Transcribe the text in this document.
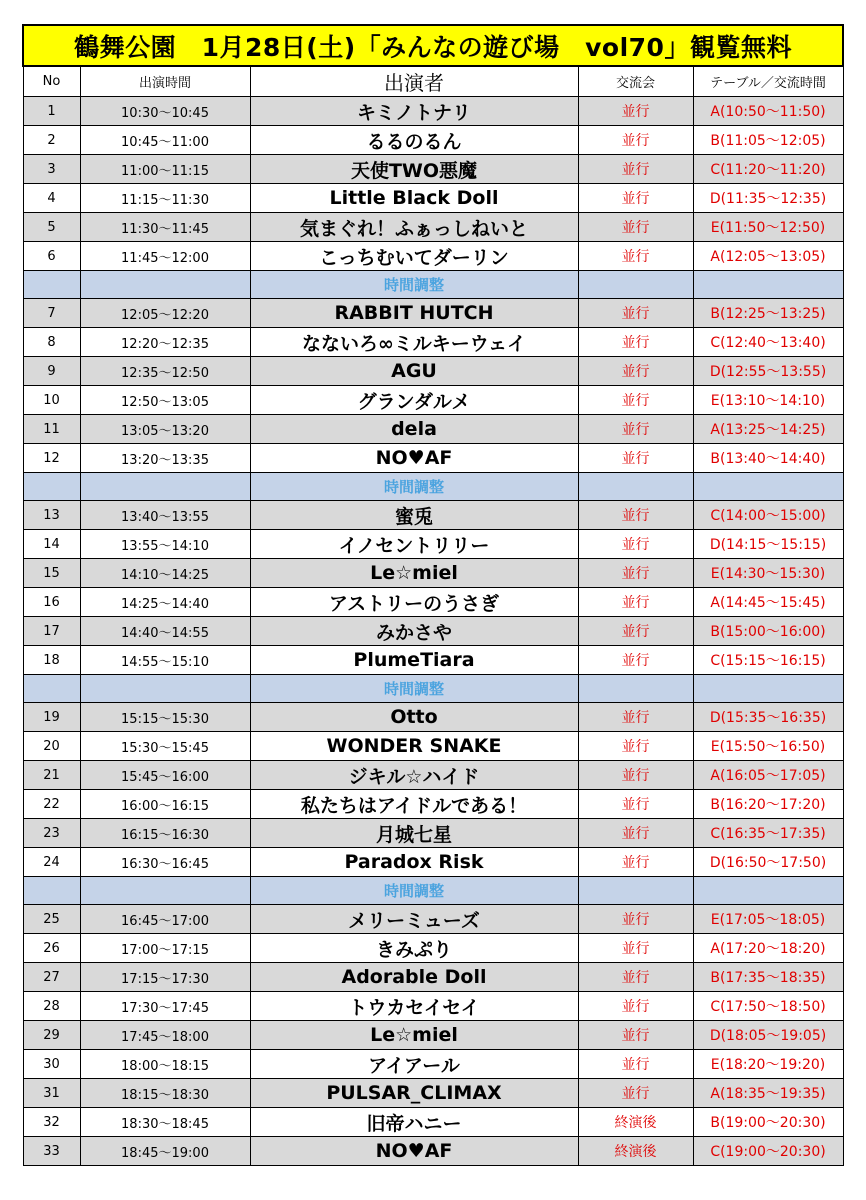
鶴舞公園　1月28日(土)「みんなの遊び場　vol70」観覧無料				
No	出演時間	出演者	交流会	テーブル／交流時間
1	10:30〜10:45	キミノトナリ	並行	A(10:50〜11:50)
2	10:45〜11:00	るるのるん	並行	B(11:05〜12:05)
3	11:00〜11:15	天使TWO悪魔	並行	C(11:20〜11:20)
4	11:15〜11:30	Little Black Doll	並行	D(11:35〜12:35)
5	11:30〜11:45	気まぐれ！ふぁっしねいと	並行	E(11:50〜12:50)
6	11:45〜12:00	こっちむいてダーリン	並行	A(12:05〜13:05)
		時間調整		
7	12:05〜12:20	RABBIT HUTCH	並行	B(12:25〜13:25)
8	12:20〜12:35	なないろ∞ミルキーウェイ	並行	C(12:40〜13:40)
9	12:35〜12:50	AGU	並行	D(12:55〜13:55)
10	12:50〜13:05	グランダルメ	並行	E(13:10〜14:10)
11	13:05〜13:20	dela	並行	A(13:25〜14:25)
12	13:20〜13:35	NO♥AF	並行	B(13:40〜14:40)
		時間調整		
13	13:40〜13:55	蜜兎	並行	C(14:00〜15:00)
14	13:55〜14:10	イノセントリリー	並行	D(14:15〜15:15)
15	14:10〜14:25	Le☆miel	並行	E(14:30〜15:30)
16	14:25〜14:40	アストリーのうさぎ	並行	A(14:45〜15:45)
17	14:40〜14:55	みかさや	並行	B(15:00〜16:00)
18	14:55〜15:10	PlumeTiara	並行	C(15:15〜16:15)
		時間調整		
19	15:15〜15:30	Otto	並行	D(15:35〜16:35)
20	15:30〜15:45	WONDER SNAKE	並行	E(15:50〜16:50)
21	15:45〜16:00	ジキル☆ハイド	並行	A(16:05〜17:05)
22	16:00〜16:15	私たちはアイドルである！	並行	B(16:20〜17:20)
23	16:15〜16:30	月城七星	並行	C(16:35〜17:35)
24	16:30〜16:45	Paradox Risk	並行	D(16:50〜17:50)
		時間調整		
25	16:45〜17:00	メリーミューズ	並行	E(17:05〜18:05)
26	17:00〜17:15	きみぷり	並行	A(17:20〜18:20)
27	17:15〜17:30	Adorable Doll	並行	B(17:35〜18:35)
28	17:30〜17:45	トウカセイセイ	並行	C(17:50〜18:50)
29	17:45〜18:00	Le☆miel	並行	D(18:05〜19:05)
30	18:00〜18:15	アイアール	並行	E(18:20〜19:20)
31	18:15〜18:30	PULSAR_CLIMAX	並行	A(18:35〜19:35)
32	18:30〜18:45	旧帝ハニー	終演後	B(19:00〜20:30)
33	18:45〜19:00	NO♥AF	終演後	C(19:00〜20:30)
